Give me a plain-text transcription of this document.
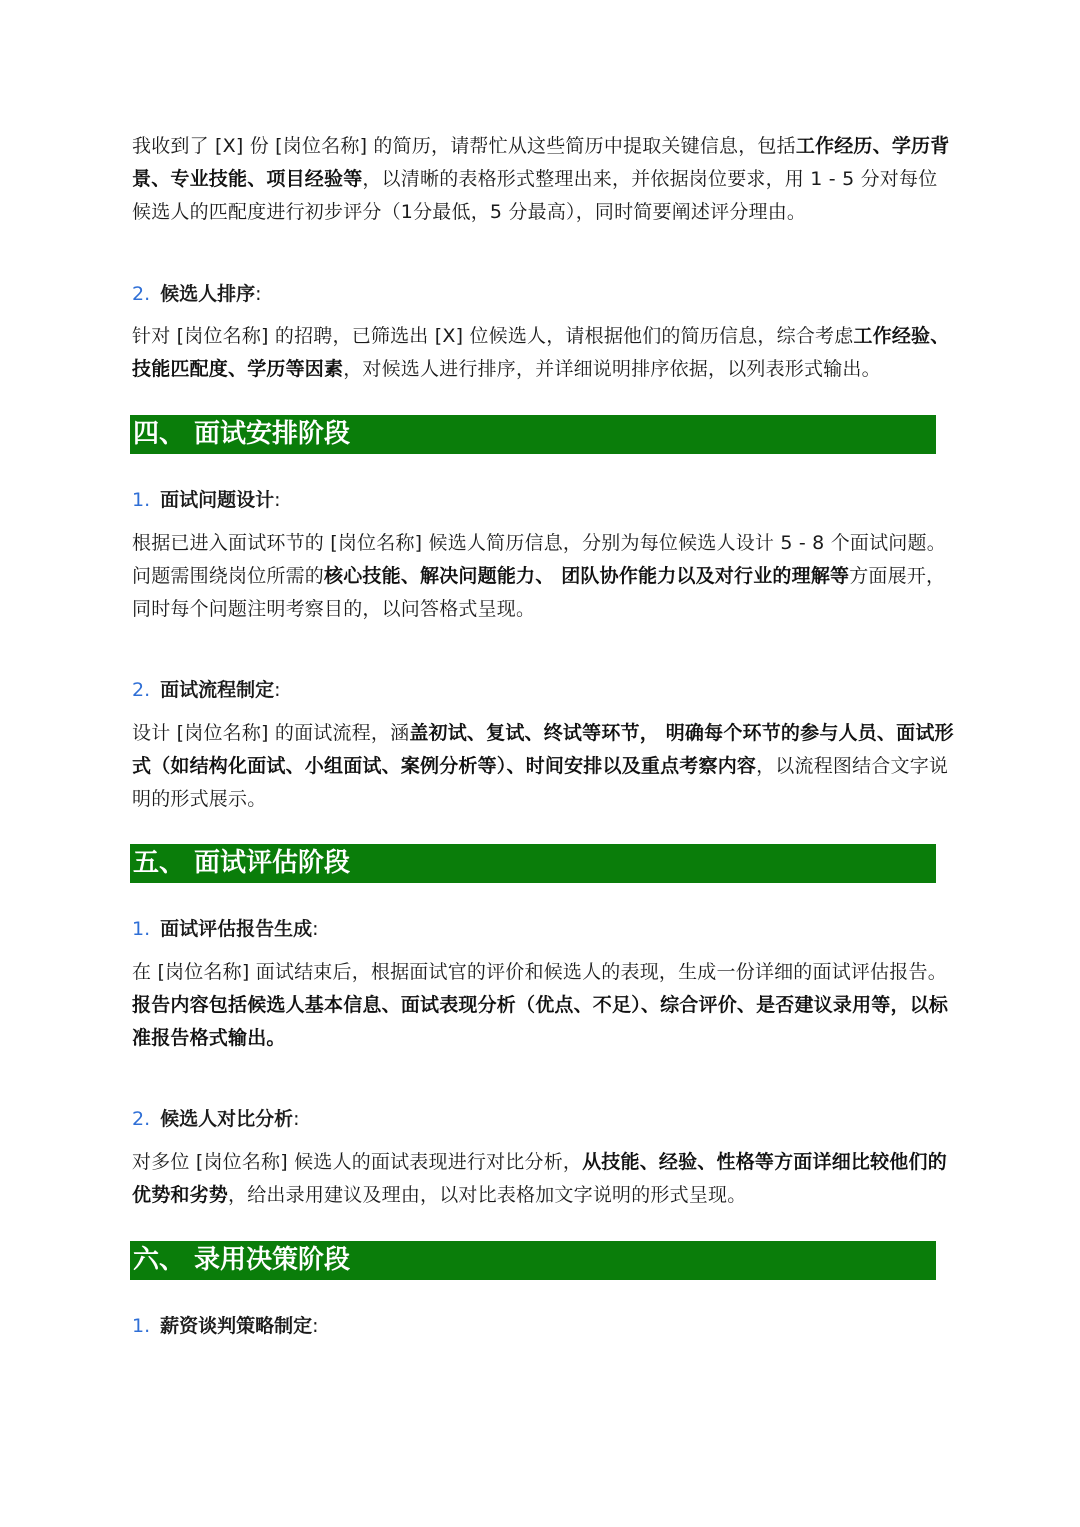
我收到了 [X] 份 [岗位名称] 的简历，请帮忙从这些简历中提取关键信息，包括工作经历、学历背景、专业技能、项目经验等，以清晰的表格形式整理出来，并依据岗位要求，用 1 - 5 分对每位候选人的匹配度进行初步评分（1分最低，5 分最高），同时简要阐述评分理由。

2. 候选人排序:

针对 [岗位名称] 的招聘，已筛选出 [X] 位候选人，请根据他们的简历信息，综合考虑工作经验、技能匹配度、学历等因素，对候选人进行排序，并详细说明排序依据，以列表形式输出。

四、 面试安排阶段

1. 面试问题设计:

根据已进入面试环节的 [岗位名称] 候选人简历信息，分别为每位候选人设计 5 - 8 个面试问题。问题需围绕岗位所需的核心技能、解决问题能力、 团队协作能力以及对行业的理解等方面展开，同时每个问题注明考察目的，以问答格式呈现。

2. 面试流程制定:

设计 [岗位名称] 的面试流程，涵盖初试、复试、终试等环节， 明确每个环节的参与人员、面试形式（如结构化面试、小组面试、案例分析等）、时间安排以及重点考察内容，以流程图结合文字说明的形式展示。

五、 面试评估阶段

1. 面试评估报告生成:

在 [岗位名称] 面试结束后，根据面试官的评价和候选人的表现，生成一份详细的面试评估报告。报告内容包括候选人基本信息、面试表现分析（优点、不足）、综合评价、是否建议录用等，以标准报告格式输出。

2. 候选人对比分析:

对多位 [岗位名称] 候选人的面试表现进行对比分析，从技能、经验、性格等方面详细比较他们的优势和劣势，给出录用建议及理由，以对比表格加文字说明的形式呈现。

六、 录用决策阶段

1. 薪资谈判策略制定:
